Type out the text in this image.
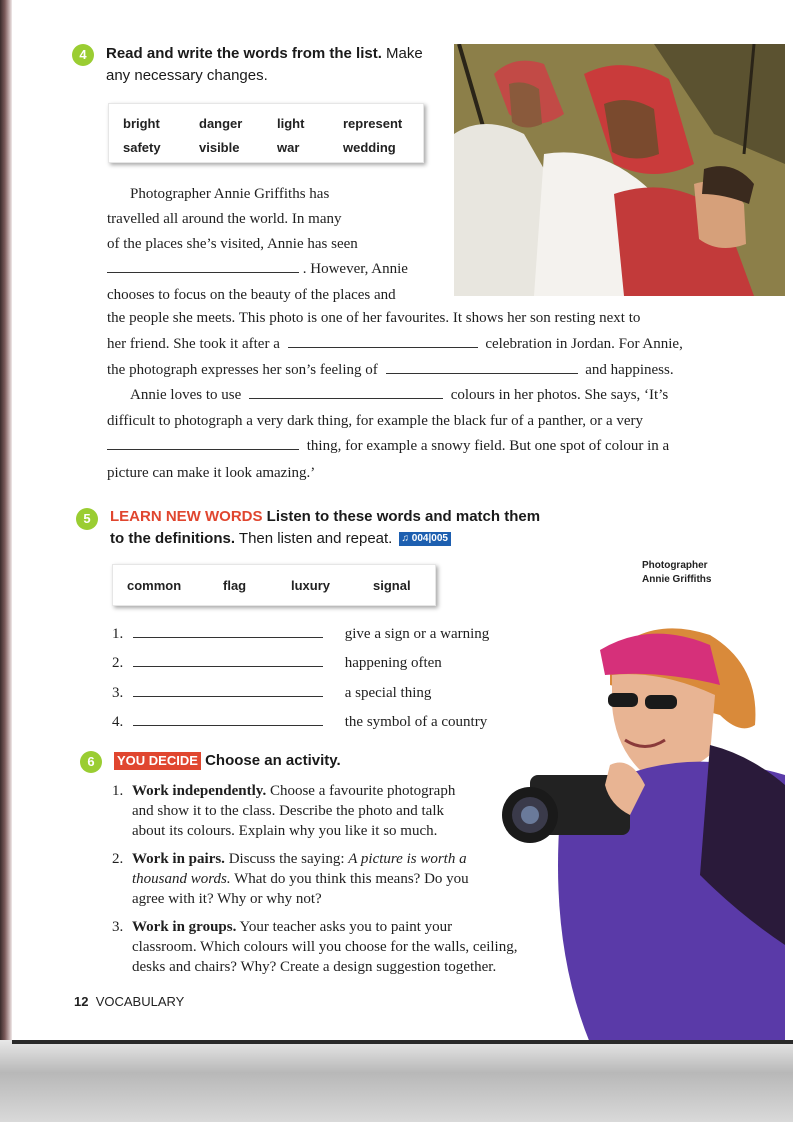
4	Read and write the words from the list. Make
any necessary changes.
bright	danger	light	represent
safety	visible	war	wedding
Photographer Annie Griffiths has
travelled all around the world. In many
of the places she’s visited, Annie has seen
. However, Annie
chooses to focus on the beauty of the places and
the people she meets. This photo is one of her favourites. It shows her son resting next to
her friend. She took it after a	celebration in Jordan. For Annie,
the photograph expresses her son’s feeling of	and happiness.
Annie loves to use	colours in her photos. She says, ‘It’s
difficult to photograph a very dark thing, for example the black fur of a panther, or a very
thing, for example a snowy field. But one spot of colour in a
picture can make it look amazing.’
5	LEARN NEW WORDS Listen to these words and match them
to the definitions. Then listen and repeat. ♫ 004|005
common	flag	luxury	signal
Photographer
Annie Griffiths
1.	give a sign or a warning
2.	happening often
3.	a special thing
4.	the symbol of a country
6	YOU DECIDE Choose an activity.
1. Work independently. Choose a favourite photograph
and show it to the class. Describe the photo and talk
about its colours. Explain why you like it so much.
2. Work in pairs. Discuss the saying: A picture is worth a
thousand words. What do you think this means? Do you
agree with it? Why or why not?
3. Work in groups. Your teacher asks you to paint your
classroom. Which colours will you choose for the walls, ceiling,
desks and chairs? Why? Create a design suggestion together.
12 VOCABULARY
